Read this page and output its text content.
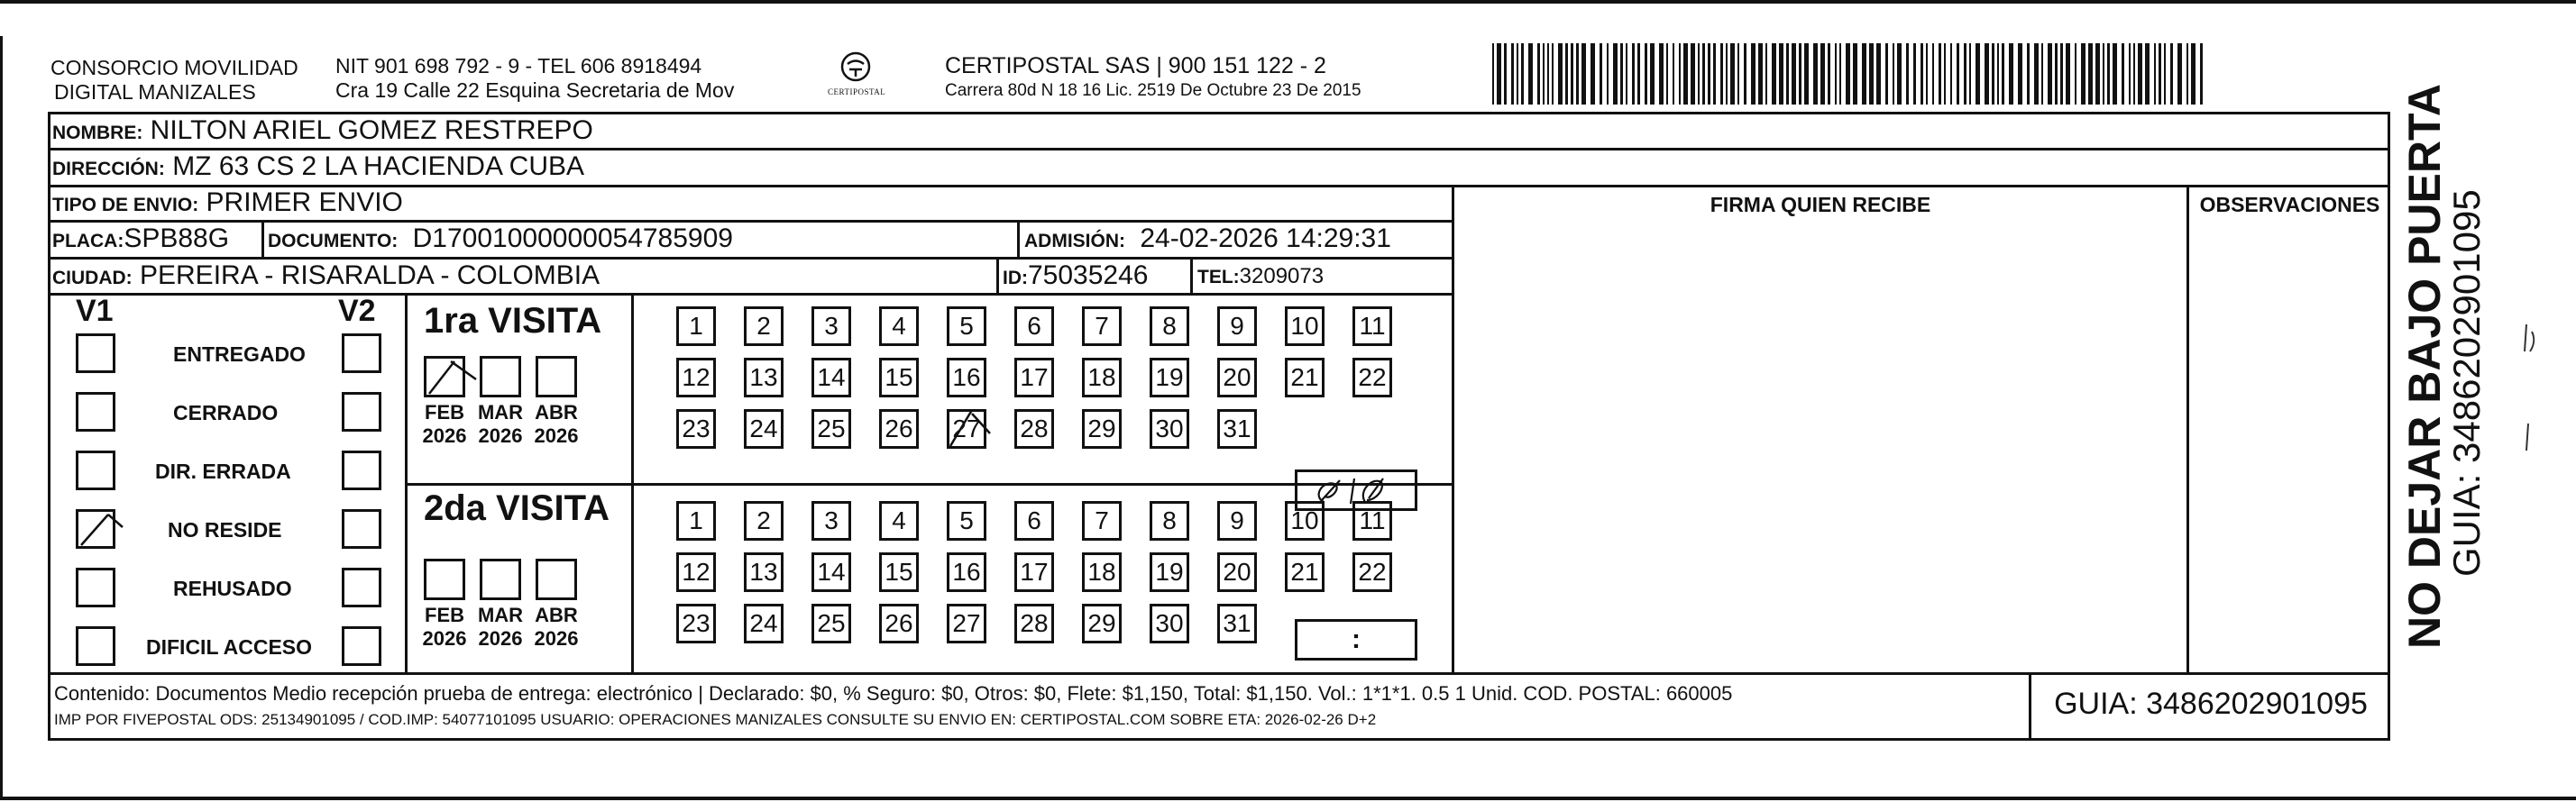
CONSORCIO MOVILIDAD
DIGITAL MANIZALES
NIT 901 698 792 - 9 - TEL 606 8918494
Cra 19 Calle 22 Esquina Secretaria de Mov	CERTIPOSTAL
CERTIPOSTAL SAS | 900 151 122 - 2
Carrera 80d N 18 16 Lic. 2519 De Octubre 23 De 2015
NOMBRE: NILTON ARIEL GOMEZ RESTREPO
DIRECCIÓN: MZ 63 CS 2 LA HACIENDA CUBA
TIPO DE ENVIO: PRIMER ENVIO
PLACA:SPB88G DOCUMENTO: D17001000000054785909	ADMISIÓN: 24-02-2026 14:29:31
CIUDAD: PEREIRA - RISARALDA - COLOMBIA	ID:75035246	TEL:3209073
FIRMA QUIEN RECIBE	OBSERVACIONES
V1	V2
ENTREGADO
CERRADO
DIR. ERRADA
NO RESIDE
REHUSADO
DIFICIL ACCESO
1ra VISITA
2da VISITA
FEB
2026
MAR
2026
ABR
2026
FEB
2026
MAR
2026
ABR
2026
1 2 3 4 5 6 7 8 9 10 11
12 13 14 15 16 17 18 19 20 21 22
23 24 25 26 27 28 29 30 31
1 2 3 4 5 6 7 8 9 10 11
12 13 14 15 16 17 18 19 20 21 22
23 24 25 26 27 28 29 30 31
:
Contenido: Documentos Medio recepción prueba de entrega: electrónico | Declarado: $0, % Seguro: $0, Otros: $0, Flete: $1,150, Total: $1,150. Vol.: 1*1*1. 0.5 1 Unid. COD. POSTAL: 660005
IMP POR FIVEPOSTAL ODS: 25134901095 / COD.IMP: 54077101095 USUARIO: OPERACIONES MANIZALES CONSULTE SU ENVIO EN: CERTIPOSTAL.COM SOBRE ETA: 2026-02-26 D+2	GUIA: 3486202901095
NO DEJAR BAJO PUERTA
GUIA: 3486202901095
